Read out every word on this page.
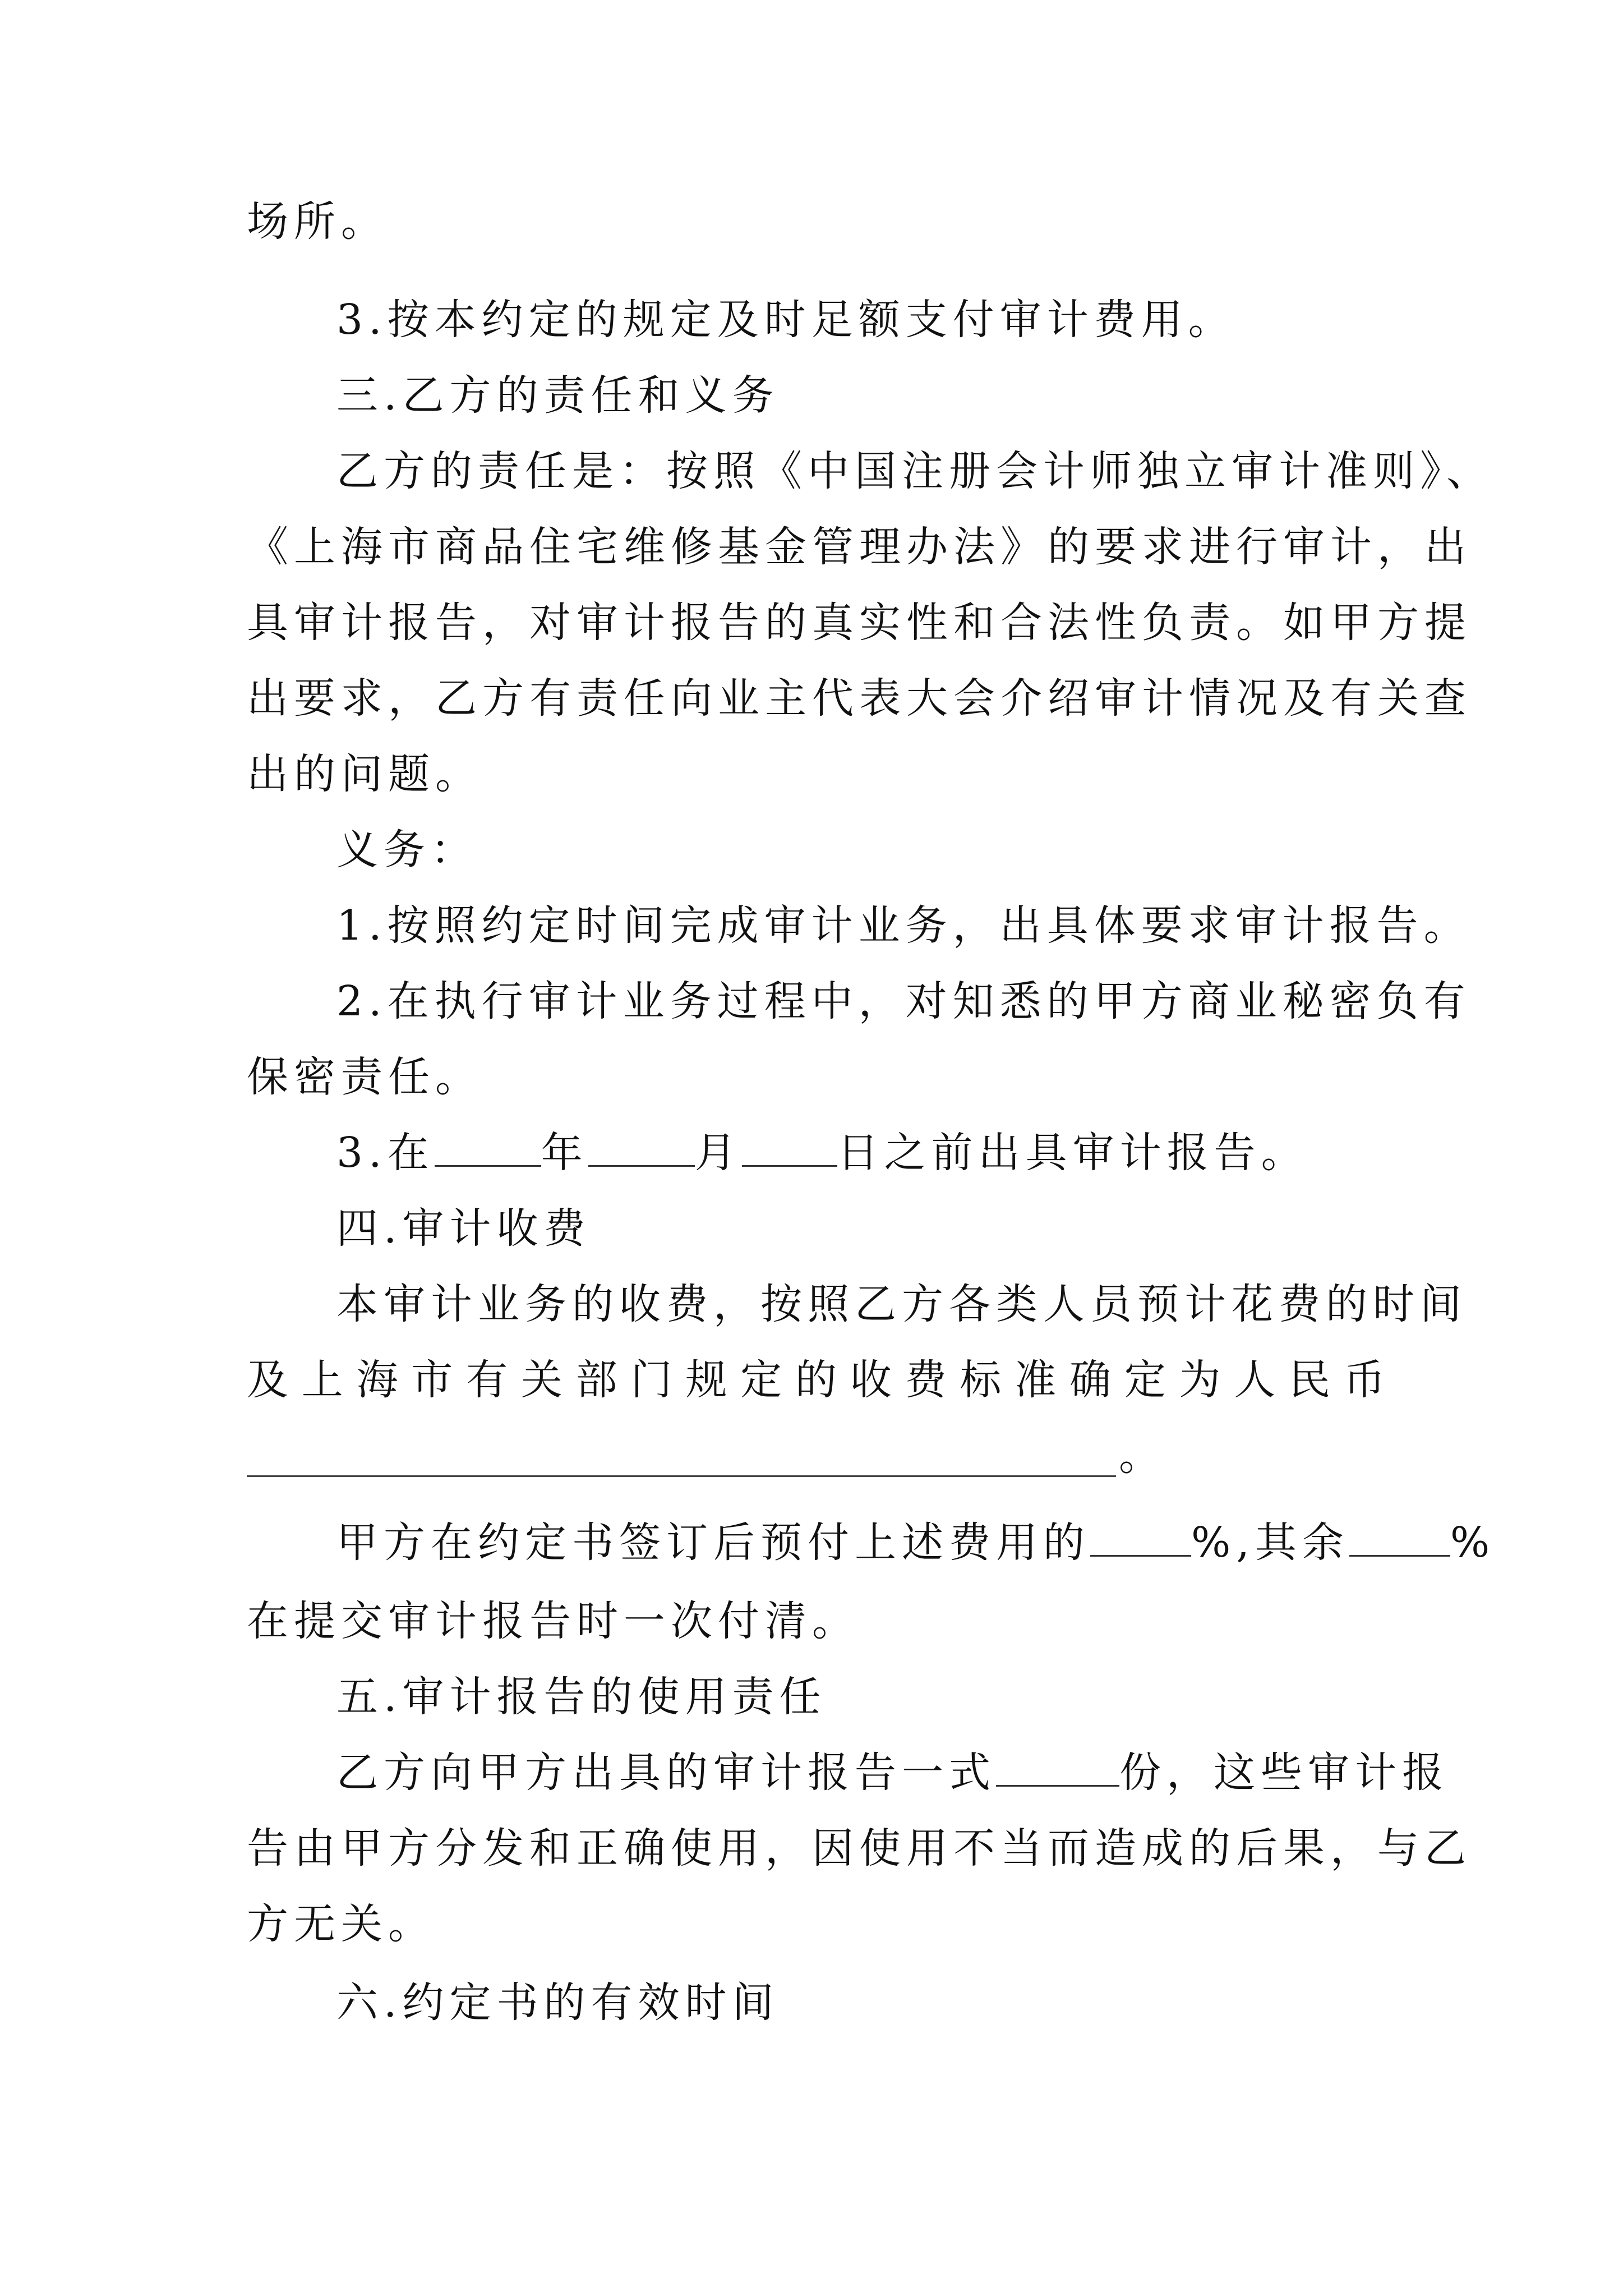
场所。
3.按本约定的规定及时足额支付审计费用。
三.乙方的责任和义务
乙方的责任是：按照《中国注册会计师独立审计准则》、
《上海市商品住宅维修基金管理办法》的要求进行审计，出
具审计报告，对审计报告的真实性和合法性负责。如甲方提
出要求，乙方有责任向业主代表大会介绍审计情况及有关查
出的问题。
义务：
1.按照约定时间完成审计业务，出具体要求审计报告。
2.在执行审计业务过程中，对知悉的甲方商业秘密负有
保密责任。
3.在	年	月 日之前出具审计报告。
四.审计收费
本审计业务的收费，按照乙方各类人员预计花费的时间
及 上 海 市 有 关 部 门 规 定 的 收 费 标 准 确 定 为 人 民 币
。
甲方在约定书签订后预付上述费用的 %,其余 %
在提交审计报告时一次付清。
五.审计报告的使用责任
乙方向甲方出具的审计报告一式	份，这些审计报
告由甲方分发和正确使用，因使用不当而造成的后果，与乙
方无关。
六.约定书的有效时间
